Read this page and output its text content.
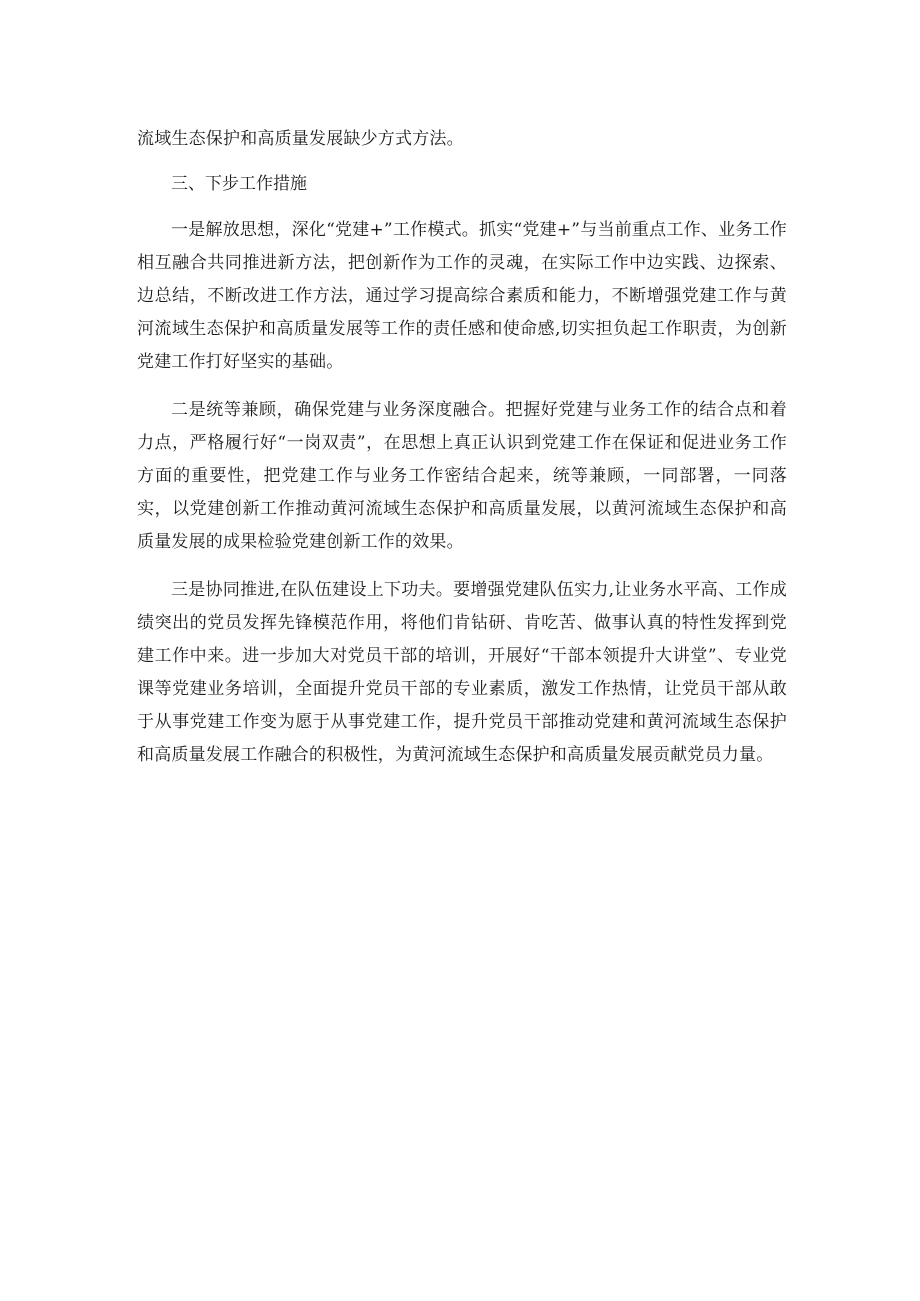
流域生态保护和高质量发展缺少方式方法。

三、下步工作措施

一是解放思想，深化“党建+”工作模式。抓实“党建+”与当前重点工作、业务工作相互融合共同推进新方法，把创新作为工作的灵魂，在实际工作中边实践、边探索、边总结，不断改进工作方法，通过学习提高综合素质和能力，不断增强党建工作与黄河流域生态保护和高质量发展等工作的责任感和使命感,切实担负起工作职责，为创新党建工作打好坚实的基础。

二是统等兼顾，确保党建与业务深度融合。把握好党建与业务工作的结合点和着力点，严格履行好“一岗双责”，在思想上真正认识到党建工作在保证和促进业务工作方面的重要性，把党建工作与业务工作密结合起来，统等兼顾，一同部署，一同落实，以党建创新工作推动黄河流域生态保护和高质量发展，以黄河流域生态保护和高质量发展的成果检验党建创新工作的效果。

三是协同推进,在队伍建设上下功夫。要增强党建队伍实力,让业务水平高、工作成绩突出的党员发挥先锋模范作用，将他们肯钻研、肯吃苦、做事认真的特性发挥到党建工作中来。进一步加大对党员干部的培训，开展好“干部本领提升大讲堂”、专业党课等党建业务培训，全面提升党员干部的专业素质，激发工作热情，让党员干部从敢于从事党建工作变为愿于从事党建工作，提升党员干部推动党建和黄河流域生态保护和高质量发展工作融合的积极性，为黄河流域生态保护和高质量发展贡献党员力量。
